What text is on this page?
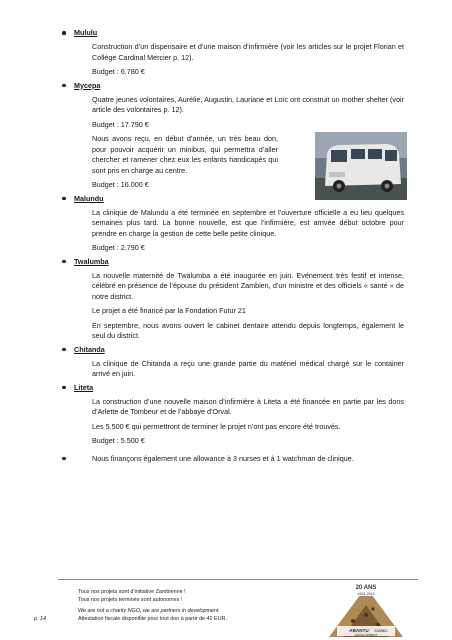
Mululu

Construction d’un dispensaire et d’une maison d’infirmière (voir les articles sur le projet Florian et Collège Cardinal Mercier p. 12).

Budget : 6.780 €

Mycepa

Quatre jeunes volontaires, Aurélie, Augustin, Lauriane et Loïc ont construit un mother shelter (voir article des volontaires p. 12).

Budget : 17.790 €

Nous avons reçu, en début d’année, un très beau don, pour pouvoir acquérir un minibus, qui permettra d’aller chercher et ramener chez eux les enfants handicapés qui sont pris en charge au centre.

Budget : 16.000 €

Malundu

La clinique de Malundu a été terminée en septembre et l’ouverture officielle a eu lieu quelques semaines plus tard. La bonne nouvelle, est que l’infirmière, est arrivée début octobre pour prendre en charge la gestion de cette belle petite clinique.

Budget : 2.790 €

Twalumba

La nouvelle maternité de Twalumba a été inaugurée en juin. Evénement très festif et intense, célébré en présence de l’épouse du président Zambien, d’un ministre et des officiels « santé » de notre district.

Le projet a été financé par la Fondation Futur 21

En septembre, nous avons ouvert le cabinet dentaire attendu depuis longtemps, également le seul du district.

Chitanda

La clinique de Chitanda a reçu une grande partie du matériel médical chargé sur le container arrivé en juin.

Liteta

La construction d’une nouvelle maison d’infirmière à Liteta a été financée en partie par les dons d’Arlette de Tombeur et de l’abbaye d’Orval.

Les 5.500 € qui permettront de terminer le projet n’ont pas encore été trouvés.

Budget : 5.500 €

Nous finançons également une allowance à 3 nurses et à 1 watchman de clinique.
Tous nos projets sont d’initiative Zambienne !
Tous nos projets terminés sont autonomes !
We are not a charity NGO, we are partners in development.
Attestation fiscale disponible pour tout don à partir de 40 EUR.
p. 14
20 ANS
1994-2014
ABANTU ZAMBIA
DEVELOPMENT
